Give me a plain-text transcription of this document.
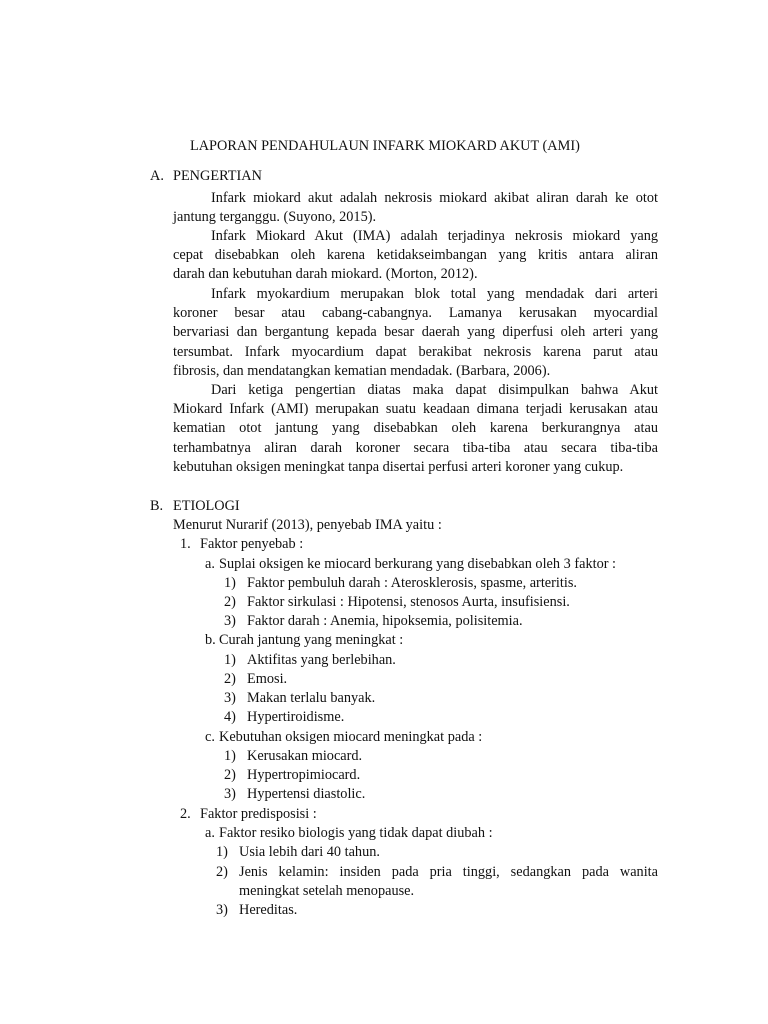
LAPORAN PENDAHULAUN INFARK MIOKARD AKUT (AMI)

A. PENGERTIAN

Infark miokard akut adalah nekrosis miokard akibat aliran darah ke otot

jantung terganggu. (Suyono, 2015).

Infark Miokard Akut (IMA) adalah terjadinya nekrosis miokard yang

cepat disebabkan oleh karena ketidakseimbangan yang kritis antara aliran

darah dan kebutuhan darah miokard. (Morton, 2012).

Infark myokardium merupakan blok total yang mendadak dari arteri

koroner besar atau cabang-cabangnya. Lamanya kerusakan myocardial

bervariasi dan bergantung kepada besar daerah yang diperfusi oleh arteri yang

tersumbat. Infark myocardium dapat berakibat nekrosis karena parut atau

fibrosis, dan mendatangkan kematian mendadak. (Barbara, 2006).

Dari ketiga pengertian diatas maka dapat disimpulkan bahwa Akut

Miokard Infark (AMI) merupakan suatu keadaan dimana terjadi kerusakan atau

kematian otot jantung yang disebabkan oleh karena berkurangnya atau

terhambatnya aliran darah koroner secara tiba-tiba atau secara tiba-tiba

kebutuhan oksigen meningkat tanpa disertai perfusi arteri koroner yang cukup.

B. ETIOLOGI

Menurut Nurarif (2013), penyebab IMA yaitu :

1. Faktor penyebab :

a. Suplai oksigen ke miocard berkurang yang disebabkan oleh 3 faktor :

1) Faktor pembuluh darah : Aterosklerosis, spasme, arteritis.

2) Faktor sirkulasi : Hipotensi, stenosos Aurta, insufisiensi.

3) Faktor darah : Anemia, hipoksemia, polisitemia.

b. Curah jantung yang meningkat :

1) Aktifitas yang berlebihan.

2) Emosi.

3) Makan terlalu banyak.

4) Hypertiroidisme.

c. Kebutuhan oksigen miocard meningkat pada :

1) Kerusakan miocard.

2) Hypertropimiocard.

3) Hypertensi diastolic.

2. Faktor predisposisi :

a. Faktor resiko biologis yang tidak dapat diubah :

1) Usia lebih dari 40 tahun.

2) Jenis kelamin: insiden pada pria tinggi, sedangkan pada wanita

meningkat setelah menopause.

3) Hereditas.
